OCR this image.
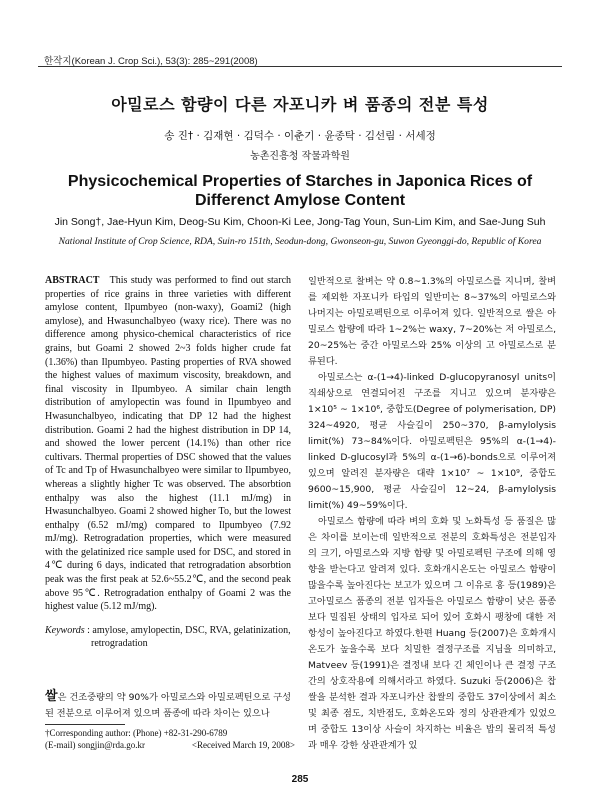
한작지(Korean J. Crop Sci.), 53(3): 285~291(2008)
아밀로스 함량이 다른 자포니카 벼 품종의 전분 특성
송 진† · 김재현 · 김덕수 · 이춘기 · 윤종탁 · 김선림 · 서세정
농촌진흥청 작물과학원
Physicochemical Properties of Starches in Japonica Rices of Differenct Amylose Content
Jin Song†, Jae-Hyun Kim, Deog-Su Kim, Choon-Ki Lee, Jong-Tag Youn, Sun-Lim Kim, and Sae-Jung Suh
National Institute of Crop Science, RDA, Suin-ro 151th, Seodun-dong, Gwonseon-gu, Suwon Gyeonggi-do, Republic of Korea
ABSTRACT This study was performed to find out starch properties of rice grains in three varieties with different amylose content, Ilpumbyeo (non-waxy), Goami2 (high amylose), and Hwasunchalbyeo (waxy rice). There was no difference among physico-chemical characteristics of rice grains, but Goami 2 showed 2~3 folds higher crude fat (1.36%) than Ilpumbyeo. Pasting properties of RVA showed the highest values of maximum viscosity, breakdown, and final viscosity in Ilpumbyeo. A similar chain length distribution of amylopectin was found in Ilpumbyeo and Hwasunchalbyeo, indicating that DP 12 had the highest distribution. Goami 2 had the highest distribution in DP 14, and showed the lower percent (14.1%) than other rice cultivars. Thermal properties of DSC showed that the values of Tc and Tp of Hwasunchalbyeo were similar to Ilpumbyeo, whereas a slightly higher Tc was observed. The absorbtion enthalpy was also the highest (11.1 mJ/mg) in Hwasunchalbyeo. Goami 2 showed higher To, but the lowest enthalpy (6.52 mJ/mg) compared to Ilpumbyeo (7.92 mJ/mg). Retrogradation properties, which were measured with the gelatinized rice sample used for DSC, and stored in 4℃ during 6 days, indicated that retrogradation absorbtion peak was the first peak at 52.6~55.2℃, and the second peak above 95℃. Retrogradation enthalpy of Goami 2 was the highest value (5.12 mJ/mg).
Keywords : amylose, amylopectin, DSC, RVA, gelatinization,
retrogradation
쌀은 건조중량의 약 90%가 아밀로스와 아밀로펙틴으로 구성된 전분으로 이루어져 있으며 품종에 따라 차이는 있으나
†Corresponding author: (Phone) +82-31-290-6789
(E-mail) songjin@rda.go.kr	<Received March 19, 2008>

일반적으로 찰벼는 약 0.8~1.3%의 아밀로스를 지니며, 찰벼를 제외한 자포니카 타입의 일반미는 8~37%의 아밀로스와 나머지는 아밀로펙틴으로 이루어져 있다. 일반적으로 쌀은 아밀로스 함량에 따라 1~2%는 waxy, 7~20%는 저 아밀로스, 20~25%는 중간 아밀로스와 25% 이상의 고 아밀로스로 분류된다.

아밀로스는 α-(1→4)-linked D-glucopyranosyl units이 직쇄상으로 연결되어진 구조를 지니고 있으며 분자량은 1×10⁵ ~ 1×10⁶, 중합도(Degree of polymerisation, DP) 324~4920, 평균 사슬길이 250~370, β-amylolysis limit(%) 73~84%이다. 아밀로펙틴은 95%의 α-(1→4)-linked D-glucosyl과 5%의 α-(1→6)-bonds으로 이루어져 있으며 알려진 분자량은 대략 1×10⁷ ~ 1×10⁹, 중합도 9600~15,900, 평균 사슬길이 12~24, β-amylolysis limit(%) 49~59%이다.

아밀로스 함량에 따라 벼의 호화 및 노화특성 등 품질은 많은 차이를 보이는데 일반적으로 전분의 호화특성은 전분입자의 크기, 아밀로스와 지방 함량 및 아밀로펙틴 구조에 의해 영향을 받는다고 알려져 있다. 호화개시온도는 아밀로스 함량이 많을수록 높아진다는 보고가 있으며 그 이유로 홍 등(1989)은 고아밀로스 품종의 전분 입자들은 아밀로스 함량이 낮은 품종보다 밀집된 상태의 입자로 되어 있어 호화시 팽창에 대한 저항성이 높아진다고 하였다.한편 Huang 등(2007)은 호화개시온도가 높을수록 보다 치밀한 결정구조를 지님을 의미하고, Matveev 등(1991)은 결정내 보다 긴 체인이나 큰 결정 구조간의 상호작용에 의해서라고 하였다. Suzuki 등(2006)은 찹쌀을 분석한 결과 자포니카산 찹쌀의 중합도 37이상에서 최소 및 최종 점도, 치반점도, 호화온도와 정의 상관관계가 있었으며 중합도 13이상 사슬이 차지하는 비율은 밥의 물리적 특성과 매우 강한 상관관계가 있

285
